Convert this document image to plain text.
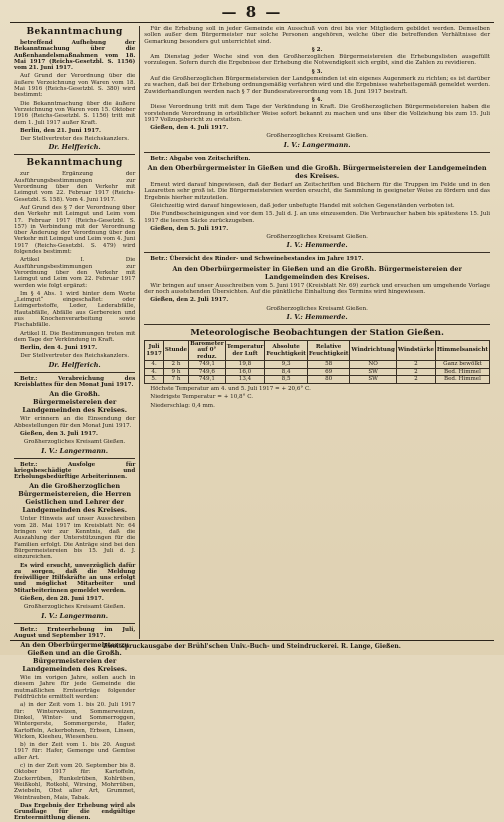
— 8 —
Bekanntmachung

betreffend Aufhebung der Bekanntmachung über die Außenhandelsmaßnahmen vom 18. Mai 1917 (Reichs-Gesetzbl. S. 1156) vom 21. Juni 1917.

Auf Grund der Verordnung über die äußere Verzeichnung von Waren vom 18. Mai 1916 (Reichs-Gesetzbl. S. 380) wird bestimmt:

Die Bekanntmachung über die äußere Verzeichnung von Waren vom 15. Oktober 1916 (Reichs-Gesetzbl. S. 1156) tritt mit dem 1. Juli 1917 außer Kraft.

Berlin, den 21. Juni 1917.

Der Stellvertreter des Reichskanzlers.
Dr. Helfferich.
Bekanntmachung

zur Ergänzung der Ausführungsbestimmungen zur Verordnung über den Verkehr mit Leimgut vom 22. Februar 1917 (Reichs-Gesetzbl. S. 158). Vom 4. Juni 1917.

Auf Grund des § 7 der Verordnung über den Verkehr mit Leimgut und Leim vom 17. Februar 1917 (Reichs-Gesetzbl. S. 157) in Verbindung mit der Verordnung über Änderung der Verordnung über den Verkehr mit Leimgut und Leim vom 4. Juni 1917 (Reichs-Gesetzbl. S. 479) wird folgendes bestimmt:

Artikel I. Die Ausführungsbestimmungen zur Verordnung über den Verkehr mit Leimgut und Leim vom 22. Februar 1917 werden wie folgt ergänzt:

Im § 4 Abs. 1 wird hinter dem Worte „Leimgut“ eingeschaltet: oder Leimgerbstoffe, Leder, Lederabfälle, Hautabfälle, Abfälle aus Gerbereien und aus Knochenverarbeitung sowie Fischabfälle.

Artikel II. Die Bestimmungen treten mit dem Tage der Verkündung in Kraft.

Berlin, den 4. Juni 1917.

Der Stellvertreter des Reichskanzlers.
Dr. Helfferich.

Betr.: Verabreichung des Kreisblattes für den Monat Juni 1917.

An die Großh. Bürgermeistereien der Landgemeinden des Kreises.

Wir erinnern an die Einsendung der Abbestellungen für den Monat Juni 1917.

Gießen, den 3. Juli 1917.

Großherzogliches Kreisamt Gießen.
I. V.: Langermann.

Betr.: Ausfolge für kriegsbeschädigte und Erholungsbedürftige Arbeiterinnen.

An die Großherzoglichen Bürgermeistereien, die Herren Geistlichen und Lehrer der Landgemeinden des Kreises.

Unter Hinweis auf unser Ausschreiben vom 28. Mai 1917 im Kreisblatt Nr. 64 bringen wir zur Kenntnis, daß die Auszahlung der Unterstützungen für die Familien erfolgt. Die Anträge sind bei den Bürgermeistereien bis 15. Juli d. J. einzureichen.

Es wird ersucht, unverzüglich dafür zu sorgen, daß die Meldung freiwilliger Hilfskräfte an uns erfolgt und möglichst Mitarbeiter und Mitarbeiterinnen gemeldet werden.

Gießen, den 28. Juni 1917.

Großherzogliches Kreisamt Gießen.
I. V.: Langermann.

Betr.: Ernteerhebung im Juli, August und September 1917.

An den Oberbürgermeister zu Gießen und an die Großh. Bürgermeistereien der Landgemeinden des Kreises.

Wie im vorigen Jahre, sollen auch in diesem Jahre für jede Gemeinde die mutmaßlichen Ernteerträge folgender Feldfrüchte ermittelt werden:

a) in der Zeit vom 1. bis 20. Juli 1917 für: Winterweizen, Sommerweizen, Dinkel, Winter- und Sommerroggen, Wintergerste, Sommergerste, Hafer, Kartoffeln, Ackerbohnen, Erbsen, Linsen, Wicken, Kleeheu, Wiesenheu.

b) in der Zeit vom 1. bis 20. August 1917 für: Hafer, Gemenge und Gemüse aller Art.

c) in der Zeit vom 20. September bis 8. Oktober 1917 für: Kartoffeln, Zuckerrüben, Runkelrüben, Kohlrüben, Weißkohl, Rotkohl, Wirsing, Mohrrüben, Zwiebeln, Obst aller Art, Grummet, Weintrauben, Mais, Tabak.

Das Ergebnis der Erhebung wird als Grundlage für die endgültige Ernteermittlung dienen.

Für die Erhebung soll in jeder Gemeinde ein Ausschuß von drei bis vier Mitgliedern gebildet werden. Demselben sollen außer dem Bürgermeister nur solche Personen angehören, welche über die betreffenden Verhältnisse der Gemarkung besonders gut unterrichtet sind.

§ 2.

Am Dienstag jeder Woche sind von den Großherzoglichen Bürgermeistereien die Erhebungslisten ausgefüllt vorzulegen. Sofern durch die Ergebnisse der Erhebung die Notwendigkeit sich ergibt, sind die Zahlen zu revidieren.

§ 3.

Auf die Großherzoglichen Bürgermeistereien der Landgemeinden ist ein eigenes Augenmerk zu richten; es ist darüber zu wachen, daß bei der Erhebung ordnungsmäßig verfahren wird und die Ergebnisse wahrheitsgemäß gemeldet werden. Zuwiderhandlungen werden nach § 7 der Bundesratsverordnung vom 18. Juni 1917 bestraft.

§ 4.

Diese Verordnung tritt mit dem Tage der Verkündung in Kraft. Die Großherzoglichen Bürgermeistereien haben die vorstehende Verordnung in ortsüblicher Weise sofort bekannt zu machen und uns über die Vollziehung bis zum 15. Juli 1917 Vollzugsbericht zu erstatten.

Gießen, den 4. Juli 1917.

Großherzogliches Kreisamt Gießen.
I. V.: Langermann.

Betr.: Abgabe von Zeitschriften.

An den Oberbürgermeister in Gießen und die Großh. Bürgermeistereien der Landgemeinden des Kreises.

Erneut wird darauf hingewiesen, daß der Bedarf an Zeitschriften und Büchern für die Truppen im Felde und in den Lazaretten sehr groß ist. Die Bürgermeistereien werden ersucht, die Sammlung in geeigneter Weise zu fördern und das Ergebnis hierher mitzuteilen.

Gleichzeitig wird darauf hingewiesen, daß jeder unbefugte Handel mit solchen Gegenständen verboten ist.

Die Fundbescheinigungen sind vor dem 15. Juli d. J. an uns einzusenden. Die Verbraucher haben bis spätestens 15. Juli 1917 die leeren Säcke zurückzugeben.

Gießen, den 5. Juli 1917.

Großherzogliches Kreisamt Gießen.
I. V.: Hemmerde.

Betr.: Übersicht des Rinder- und Schweinebestandes im Jahre 1917.

An den Oberbürgermeister in Gießen und an die Großh. Bürgermeistereien der Landgemeinden des Kreises.

Wir bringen auf unser Ausschreiben vom 5. Juni 1917 (Kreisblatt Nr. 69) zurück und ersuchen um umgehende Vorlage der noch ausstehenden Übersichten. Auf die pünktliche Einhaltung des Termins wird hingewiesen.

Gießen, den 2. Juli 1917.

Großherzogliches Kreisamt Gießen.
I. V.: Hemmerde.
Meteorologische Beobachtungen der Station Gießen.
Juli 1917	Stunde	Barometer auf 0° reduz.	Temperatur der Luft	Absolute Feuchtigkeit	Relative Feuchtigkeit	Windrichtung	Windstärke	Himmelsansicht
4.	2 h	749,1	19,8	9,3	58	NO	2	Ganz bewölkt
4.	9 h	749,6	16,0	8,4	69	SW	2	Bed. Himmel
5.	7 h	749,1	13,4	8,5	80	SW	2	Bed. Himmel

Höchste Temperatur am 4. und 5. Juli 1917 = + 20,6° C.

Niedrigste Temperatur = + 10,8° C.

Niederschlag: 0,4 mm.

Zweitspruckausgabe der Brühl'schen Univ.-Buch- und Steindruckerei. R. Lange, Gießen.
